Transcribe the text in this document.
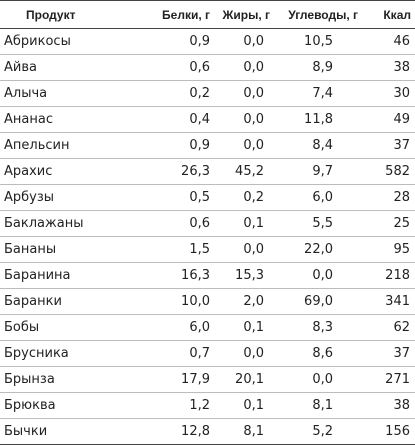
Продукт	Белки, г	Жиры, г	Углеводы, г	Ккал
Абрикосы	0,9	0,0	10,5	46
Айва	0,6	0,0	8,9	38
Алыча	0,2	0,0	7,4	30
Ананас	0,4	0,0	11,8	49
Апельсин	0,9	0,0	8,4	37
Арахис	26,3	45,2	9,7	582
Арбузы	0,5	0,2	6,0	28
Баклажаны	0,6	0,1	5,5	25
Бананы	1,5	0,0	22,0	95
Баранина	16,3	15,3	0,0	218
Баранки	10,0	2,0	69,0	341
Бобы	6,0	0,1	8,3	62
Брусника	0,7	0,0	8,6	37
Брынза	17,9	20,1	0,0	271
Брюква	1,2	0,1	8,1	38
Бычки	12,8	8,1	5,2	156
